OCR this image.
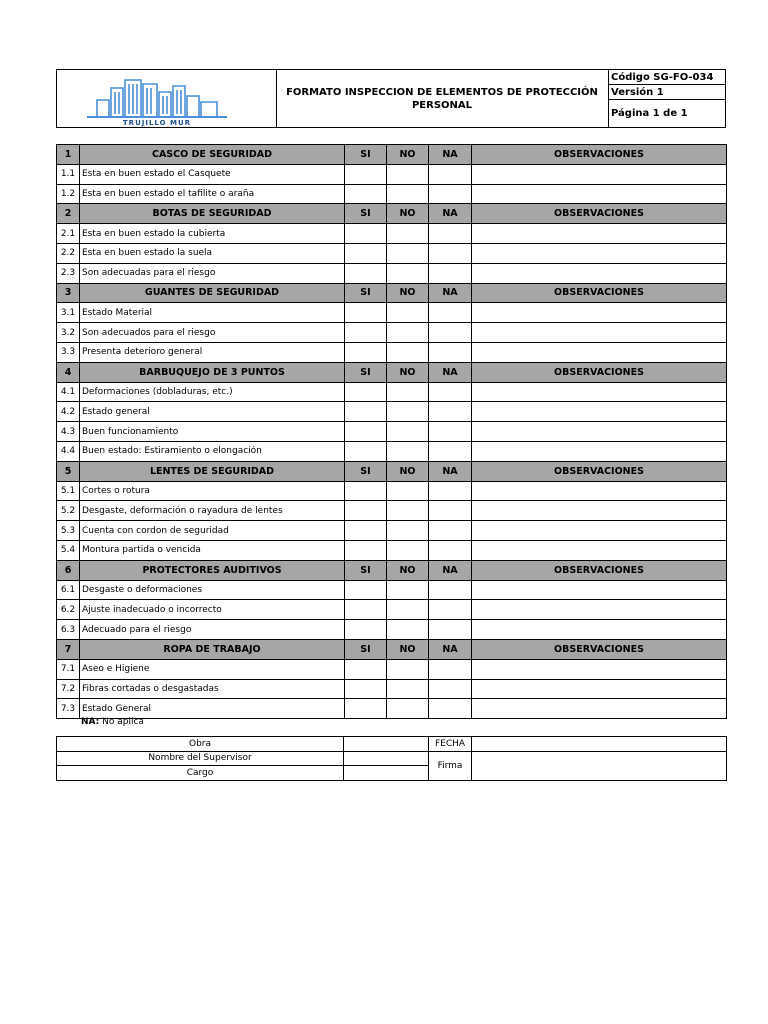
TRUJILLO MUR
FORMATO INSPECCION DE ELEMENTOS DE PROTECCIÓN PERSONAL
Código SG-FO-034
Versión 1
Página 1 de 1
1	CASCO DE SEGURIDAD	SI	NO	NA	OBSERVACIONES
1.1	Esta en buen estado el Casquete				
1.2	Esta en buen estado el tafilite o araña				
2	BOTAS DE SEGURIDAD	SI	NO	NA	OBSERVACIONES
2.1	Esta en buen estado la cubierta				
2.2	Esta en buen estado la suela				
2.3	Son adecuadas para el riesgo				
3	GUANTES DE SEGURIDAD	SI	NO	NA	OBSERVACIONES
3.1	Estado Material				
3.2	Son adecuados para el riesgo				
3.3	Presenta deterioro general				
4	BARBUQUEJO DE 3 PUNTOS	SI	NO	NA	OBSERVACIONES
4.1	Deformaciones (dobladuras, etc.)				
4.2	Estado general				
4.3	Buen funcionamiento				
4.4	Buen estado: Estiramiento o elongación				
5	LENTES DE SEGURIDAD	SI	NO	NA	OBSERVACIONES
5.1	Cortes o rotura				
5.2	Desgaste, deformación o rayadura de lentes				
5.3	Cuenta con cordon de seguridad				
5.4	Montura partida o vencida				
6	PROTECTORES AUDITIVOS	SI	NO	NA	OBSERVACIONES
6.1	Desgaste o deformaciones				
6.2	Ajuste inadecuado o incorrecto				
6.3	Adecuado para el riesgo				
7	ROPA DE TRABAJO	SI	NO	NA	OBSERVACIONES
7.1	Aseo e Higiene				
7.2	Fibras cortadas o desgastadas				
7.3	Estado General				
NA: No aplica
Obra		FECHA	
Nombre del Supervisor		Firma	
Cargo			
